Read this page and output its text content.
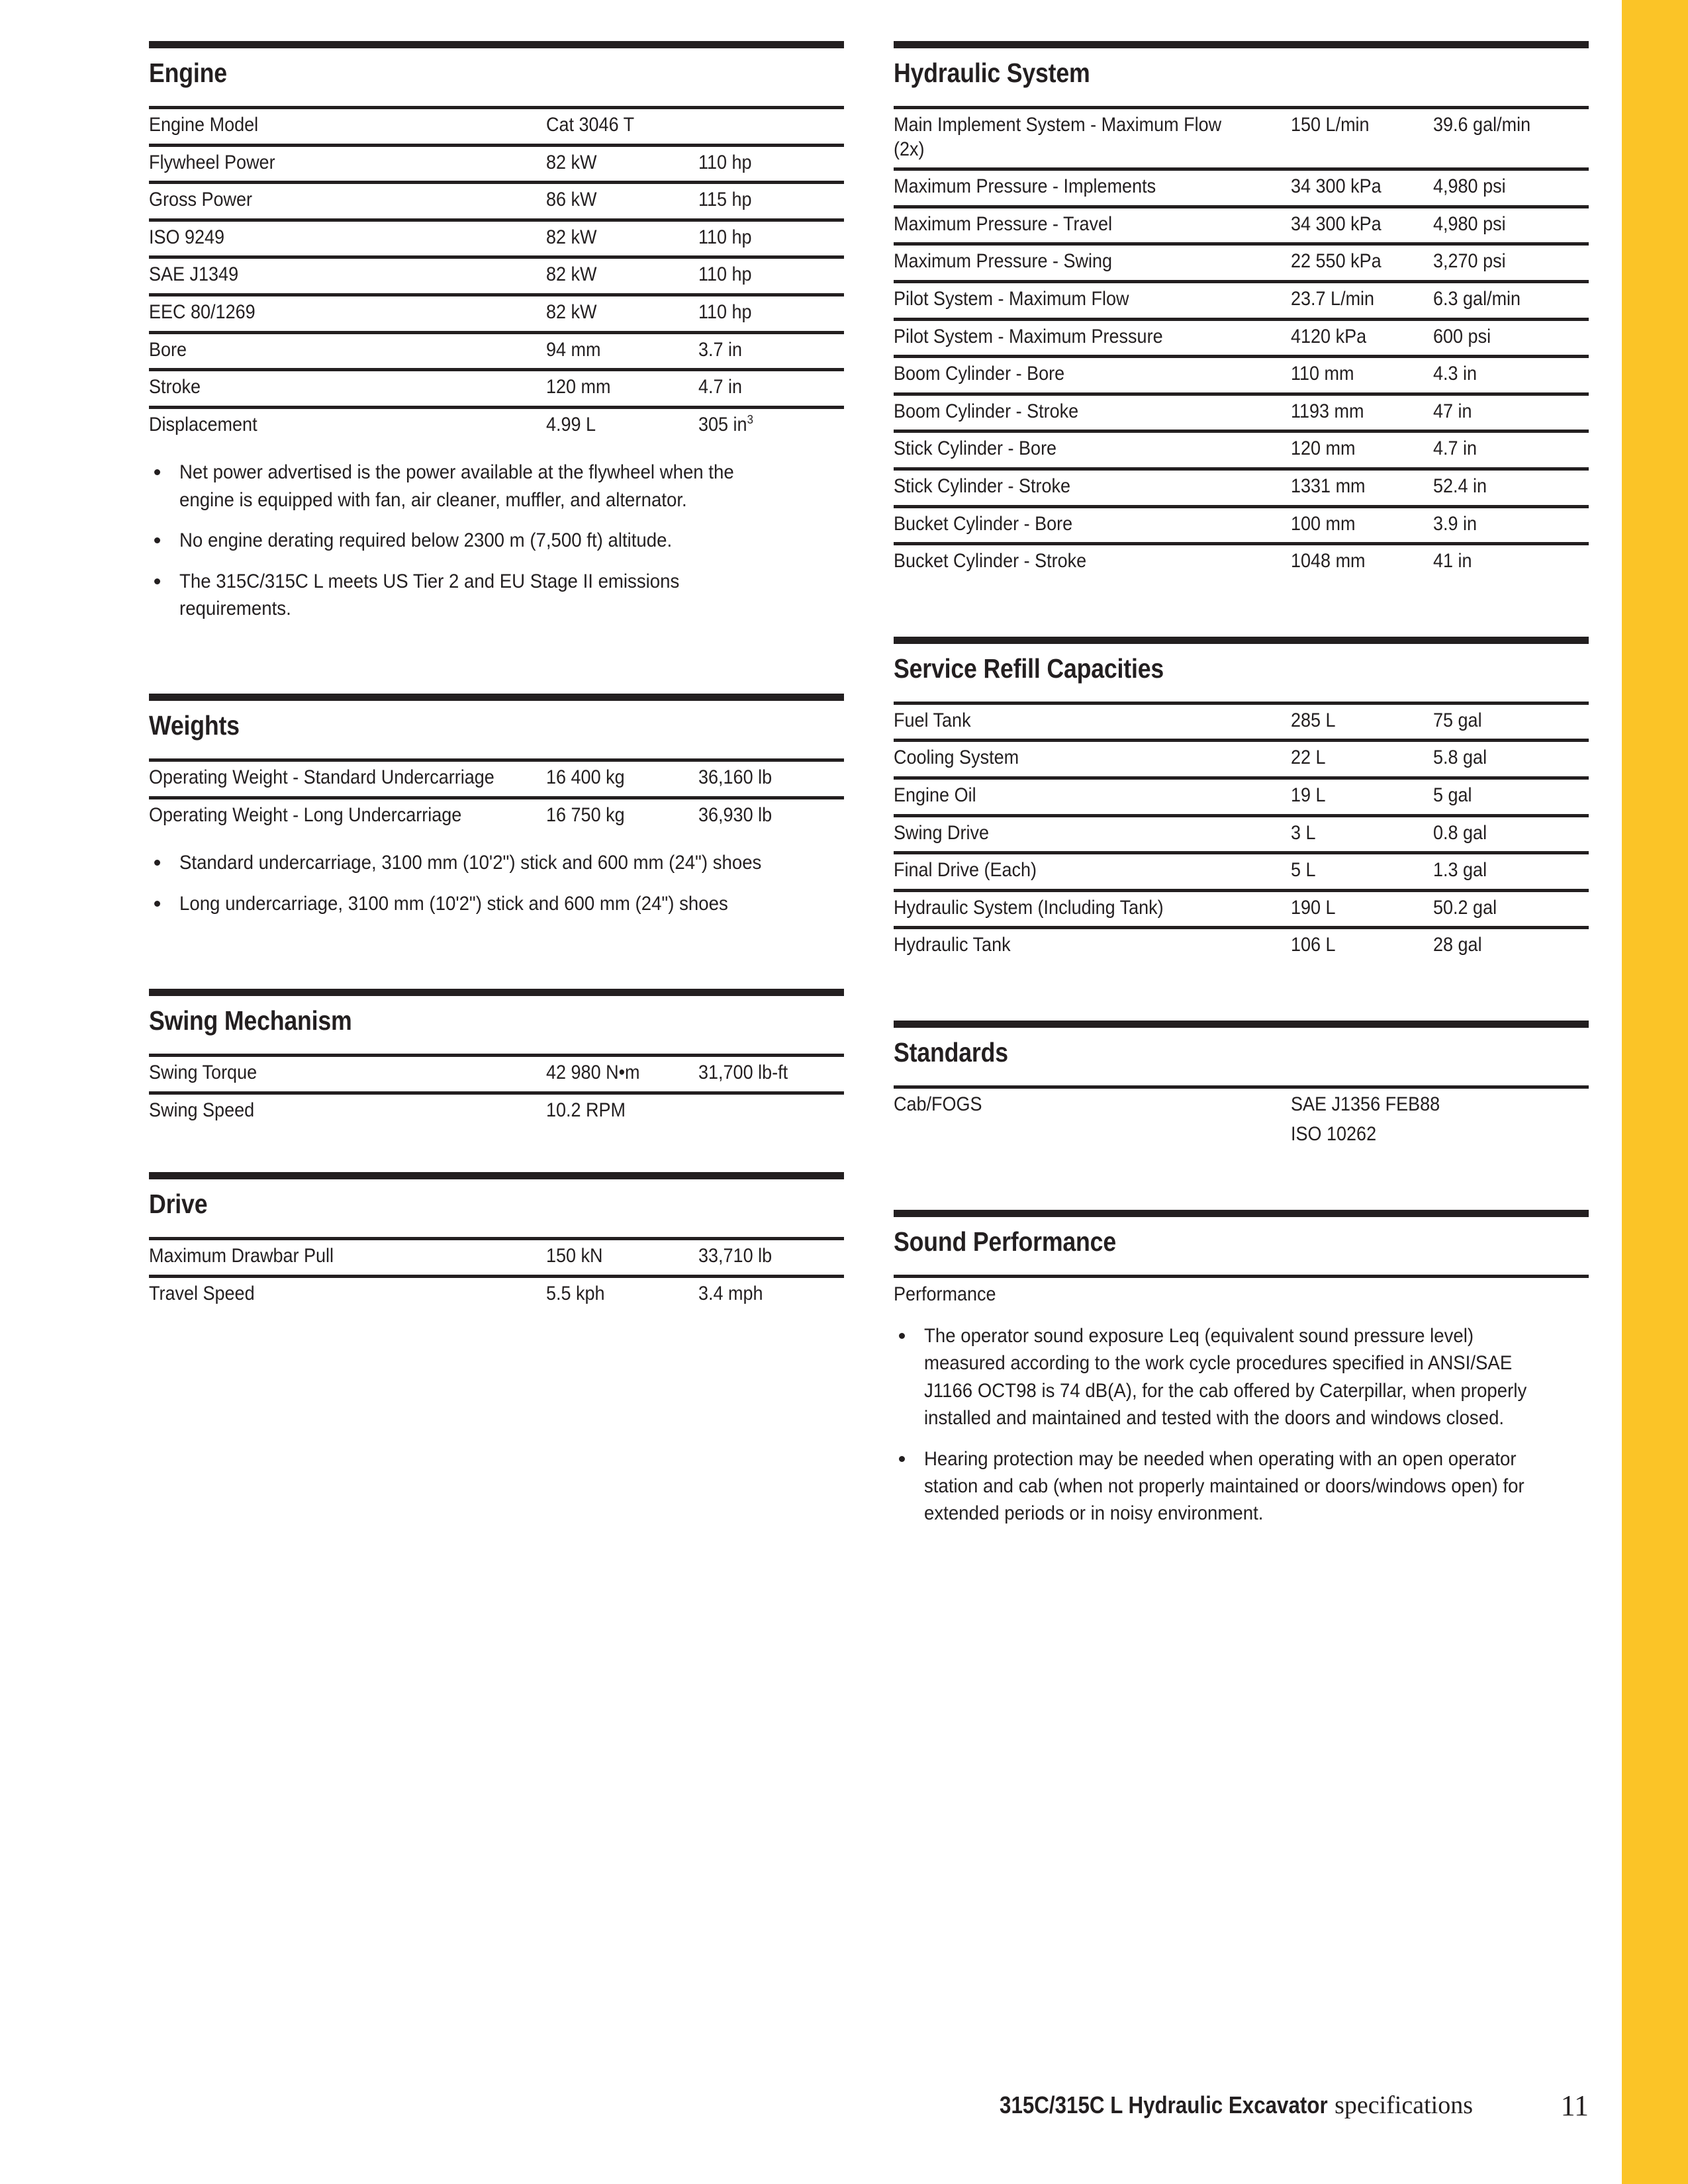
Engine
Engine Model	Cat 3046 T	

Flywheel Power	82 kW	110 hp

Gross Power	86 kW	115 hp

ISO 9249	82 kW	110 hp

SAE J1349	82 kW	110 hp

EEC 80/1269	82 kW	110 hp

Bore	94 mm	3.7 in

Stroke	120 mm	4.7 in

Displacement	4.99 L	305 $in^3$
Net power advertised is the power available at the flywheel when the engine is equipped with fan, air cleaner, muffler, and alternator.
No engine derating required below 2300 m (7,500 ft) altitude.
The 315C/315C L meets US Tier 2 and EU Stage II emissions requirements.
Weights
Operating Weight - Standard Undercarriage	16 400 kg	36,160 lb

Operating Weight - Long Undercarriage	16 750 kg	36,930 lb
Standard undercarriage, 3100 mm (10'2") stick and 600 mm (24") shoes
Long undercarriage, 3100 mm (10'2") stick and 600 mm (24") shoes
Swing Mechanism
Swing Torque	42 980 N•m	31,700 lb-ft

Swing Speed	10.2 RPM	

Drive
Maximum Drawbar Pull	150 kN	33,710 lb

Travel Speed	5.5 kph	3.4 mph
Hydraulic System
Main Implement System - Maximum Flow (2x)	150 L/min	39.6 gal/min

Maximum Pressure - Implements	34 300 kPa	4,980 psi

Maximum Pressure - Travel	34 300 kPa	4,980 psi

Maximum Pressure - Swing	22 550 kPa	3,270 psi

Pilot System - Maximum Flow	23.7 L/min	6.3 gal/min

Pilot System - Maximum Pressure	4120 kPa	600 psi

Boom Cylinder - Bore	110 mm	4.3 in

Boom Cylinder - Stroke	1193 mm	47 in

Stick Cylinder - Bore	120 mm	4.7 in

Stick Cylinder - Stroke	1331 mm	52.4 in

Bucket Cylinder - Bore	100 mm	3.9 in

Bucket Cylinder - Stroke	1048 mm	41 in
Service Refill Capacities
Fuel Tank	285 L	75 gal

Cooling System	22 L	5.8 gal

Engine Oil	19 L	5 gal

Swing Drive	3 L	0.8 gal

Final Drive (Each)	5 L	1.3 gal

Hydraulic System (Including Tank)	190 L	50.2 gal

Hydraulic Tank	106 L	28 gal
Standards
Cab/FOGS	SAE J1356 FEB88	

	ISO 10262	

Sound Performance
Performance
The operator sound exposure Leq (equivalent sound pressure level) measured according to the work cycle procedures specified in ANSI/SAE J1166 OCT98 is 74 dB(A), for the cab offered by Caterpillar, when properly installed and maintained and tested with the doors and windows closed.
Hearing protection may be needed when operating with an open operator station and cab (when not properly maintained or doors/windows open) for extended periods or in noisy environment.
315C/315C L Hydraulic Excavator specifications	11
